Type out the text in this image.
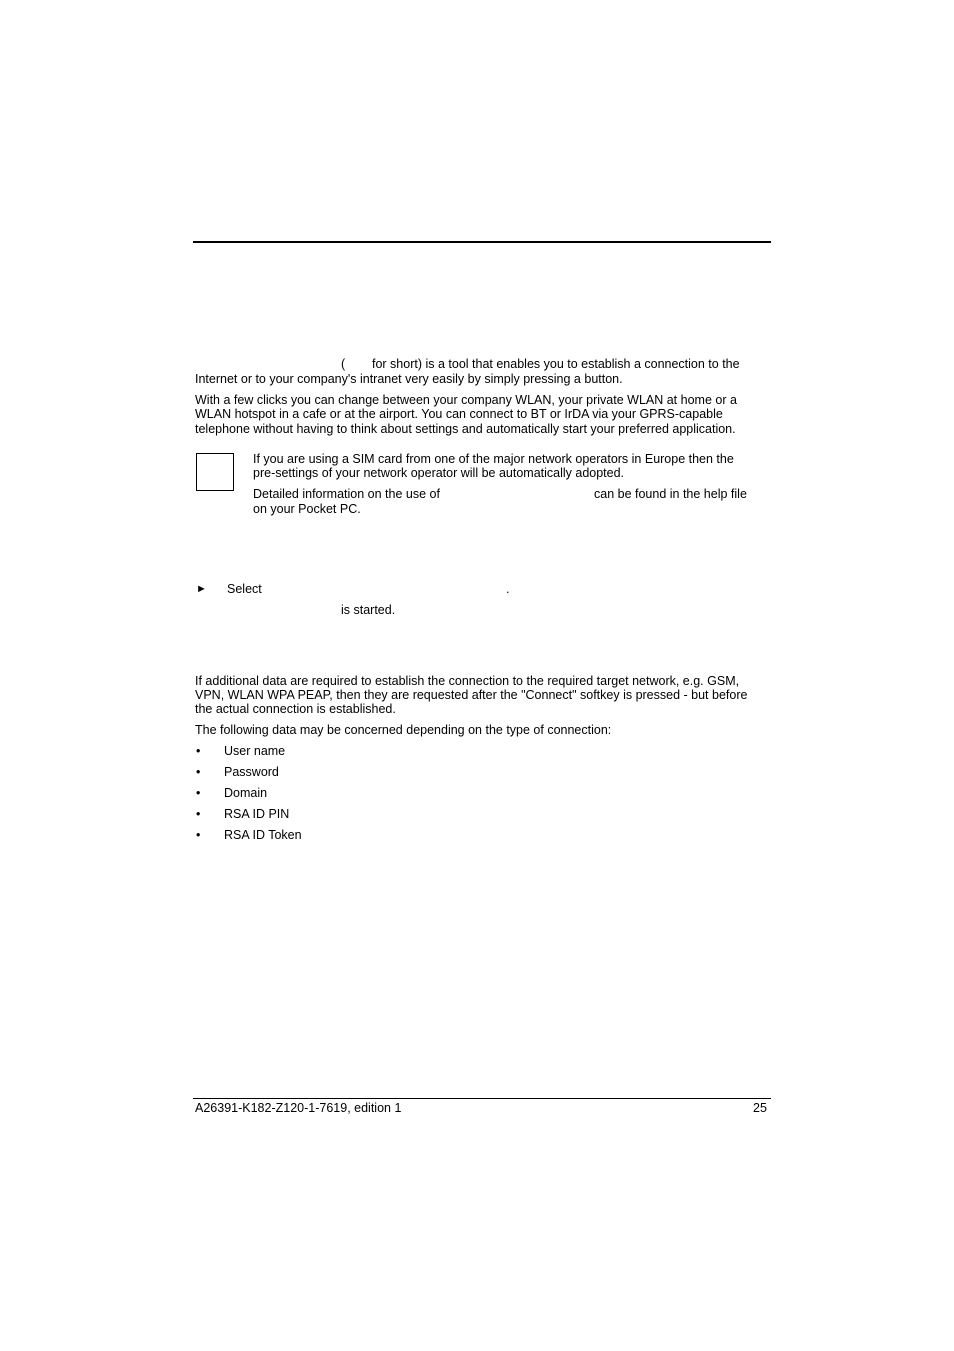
( for short) is a tool that enables you to establish a connection to the
Internet or to your company's intranet very easily by simply pressing a button.
With a few clicks you can change between your company WLAN, your private WLAN at home or a
WLAN hotspot in a cafe or at the airport. You can connect to BT or IrDA via your GPRS-capable
telephone without having to think about settings and automatically start your preferred application.
If you are using a SIM card from one of the major network operators in Europe then the
pre-settings of your network operator will be automatically adopted.
Detailed information on the use of	can be found in the help file
on your Pocket PC.
► Select	.
is started.
If additional data are required to establish the connection to the required target network, e.g. GSM,
VPN, WLAN WPA PEAP, then they are requested after the "Connect" softkey is pressed - but before
the actual connection is established.
The following data may be concerned depending on the type of connection:
• User name
• Password
• Domain
• RSA ID PIN
• RSA ID Token
A26391-K182-Z120-1-7619, edition 1	25
